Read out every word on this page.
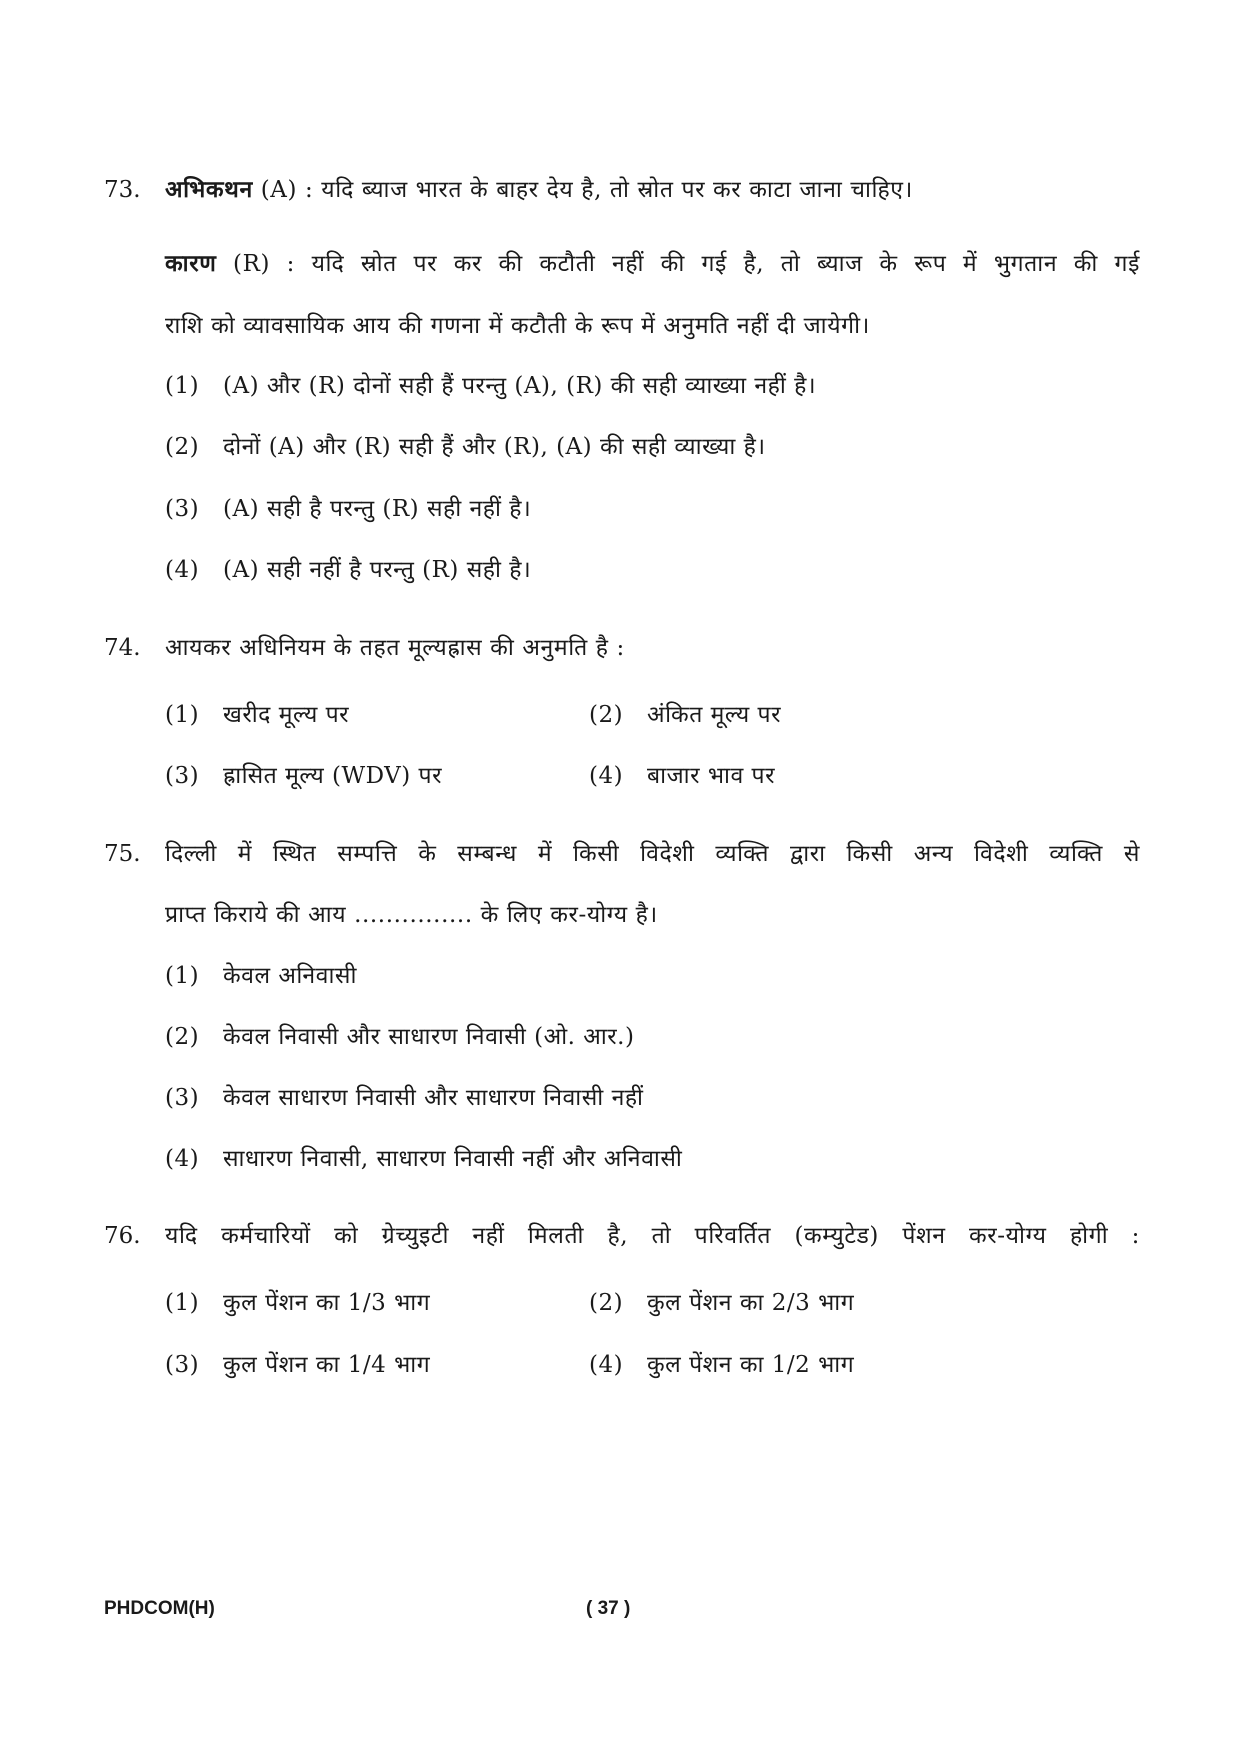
73. अभिकथन (A) : यदि ब्याज भारत के बाहर देय है, तो स्रोत पर कर काटा जाना चाहिए।
कारण (R) : यदि स्रोत पर कर की कटौती नहीं की गई है, तो ब्याज के रूप में भुगतान की गई
राशि को व्यावसायिक आय की गणना में कटौती के रूप में अनुमति नहीं दी जायेगी।
(1) (A) और (R) दोनों सही हैं परन्तु (A), (R) की सही व्याख्या नहीं है।
(2) दोनों (A) और (R) सही हैं और (R), (A) की सही व्याख्या है।
(3) (A) सही है परन्तु (R) सही नहीं है।
(4) (A) सही नहीं है परन्तु (R) सही है।
74. आयकर अधिनियम के तहत मूल्यह्रास की अनुमति है :
(1) खरीद मूल्य पर	(2) अंकित मूल्य पर
(3) ह्रासित मूल्य (WDV) पर	(4) बाजार भाव पर
75. दिल्ली में स्थित सम्पत्ति के सम्बन्ध में किसी विदेशी व्यक्ति द्वारा किसी अन्य विदेशी व्यक्ति से
प्राप्त किराये की आय ............... के लिए कर-योग्य है।
(1) केवल अनिवासी
(2) केवल निवासी और साधारण निवासी (ओ. आर.)
(3) केवल साधारण निवासी और साधारण निवासी नहीं
(4) साधारण निवासी, साधारण निवासी नहीं और अनिवासी
76. यदि कर्मचारियों को ग्रेच्युइटी नहीं मिलती है, तो परिवर्तित (कम्युटेड) पेंशन कर-योग्य होगी :
(1) कुल पेंशन का 1/3 भाग	(2) कुल पेंशन का 2/3 भाग
(3) कुल पेंशन का 1/4 भाग	(4) कुल पेंशन का 1/2 भाग
PHDCOM(H)	( 37 )
